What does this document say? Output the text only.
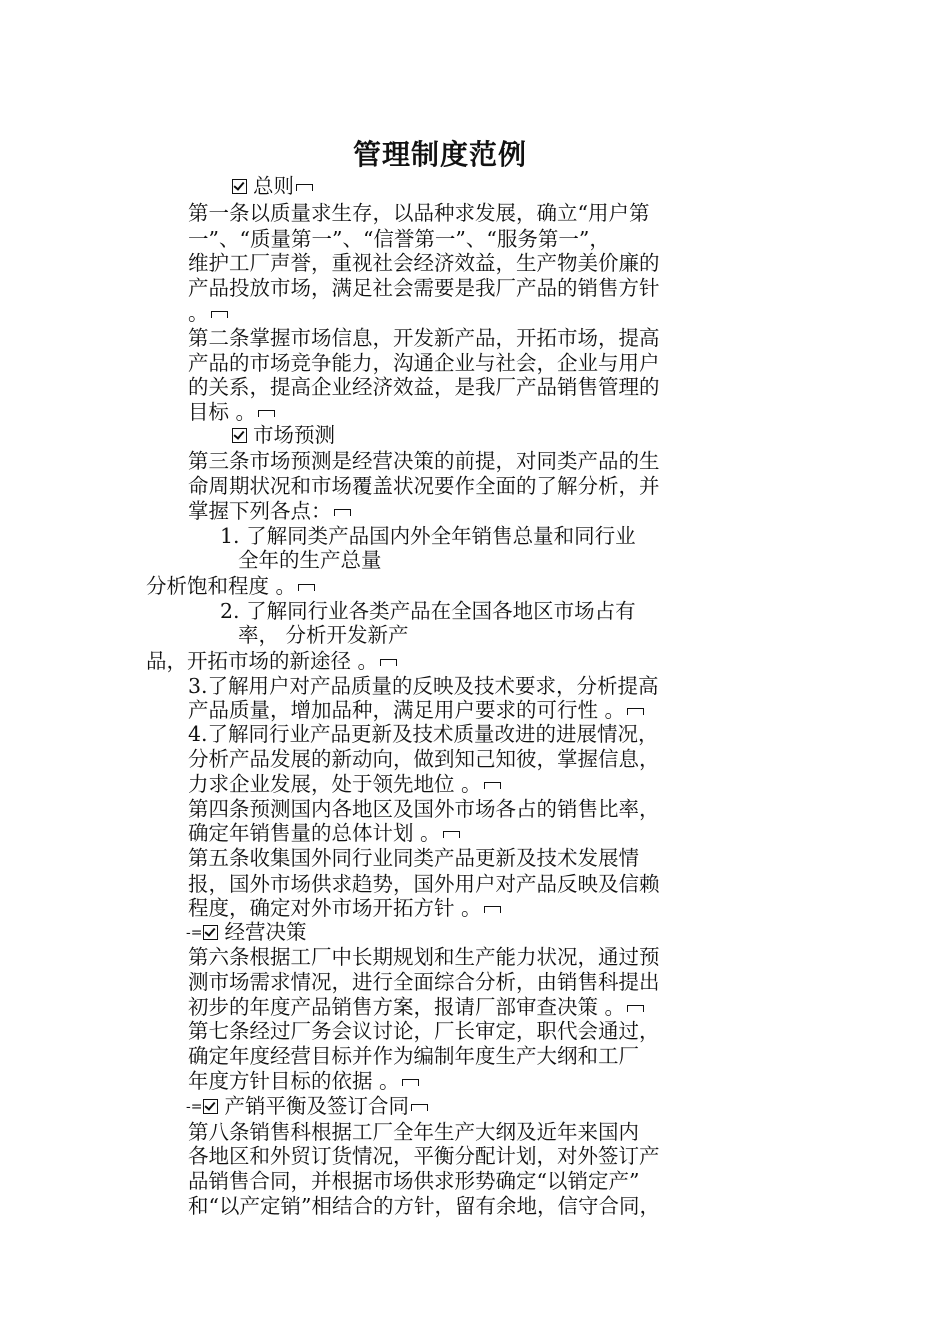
管理制度范例
总则
第一条以质量求生存，以品种求发展，确立“用户第
一”、“质量第一”、“信誉第一”、“服务第一”，
维护工厂声誉，重视社会经济效益，生产物美价廉的
产品投放市场，满足社会需要是我厂产品的销售方针
。
第二条掌握市场信息，开发新产品，开拓市场，提高
产品的市场竞争能力，沟通企业与社会，企业与用户
的关系，提高企业经济效益，是我厂产品销售管理的
目标 。
市场预测
第三条市场预测是经营决策的前提，对同类产品的生
命周期状况和市场覆盖状况要作全面的了解分析，并
掌握下列各点：
1. 了解同类产品国内外全年销售总量和同行业
全年的生产总量
分析饱和程度 。
2. 了解同行业各类产品在全国各地区市场占有
率， 分析开发新产
品，开拓市场的新途径 。
3.了解用户对产品质量的反映及技术要求，分析提高
产品质量，增加品种，满足用户要求的可行性 。
4.了解同行业产品更新及技术质量改进的进展情况，
分析产品发展的新动向，做到知己知彼，掌握信息，
力求企业发展，处于领先地位 。
第四条预测国内各地区及国外市场各占的销售比率，
确定年销售量的总体计划 。
第五条收集国外同行业同类产品更新及技术发展情
报，国外市场供求趋势，国外用户对产品反映及信赖
程度，确定对外市场开拓方针 。
-= 经营决策
第六条根据工厂中长期规划和生产能力状况，通过预
测市场需求情况，进行全面综合分析，由销售科提出
初步的年度产品销售方案，报请厂部审查决策 。
第七条经过厂务会议讨论，厂长审定，职代会通过，
确定年度经营目标并作为编制年度生产大纲和工厂
年度方针目标的依据 。
-= 产销平衡及签订合同
第八条销售科根据工厂全年生产大纲及近年来国内
各地区和外贸订货情况，平衡分配计划，对外签订产
品销售合同，并根据市场供求形势确定“以销定产”
和“以产定销”相结合的方针，留有余地，信守合同，
